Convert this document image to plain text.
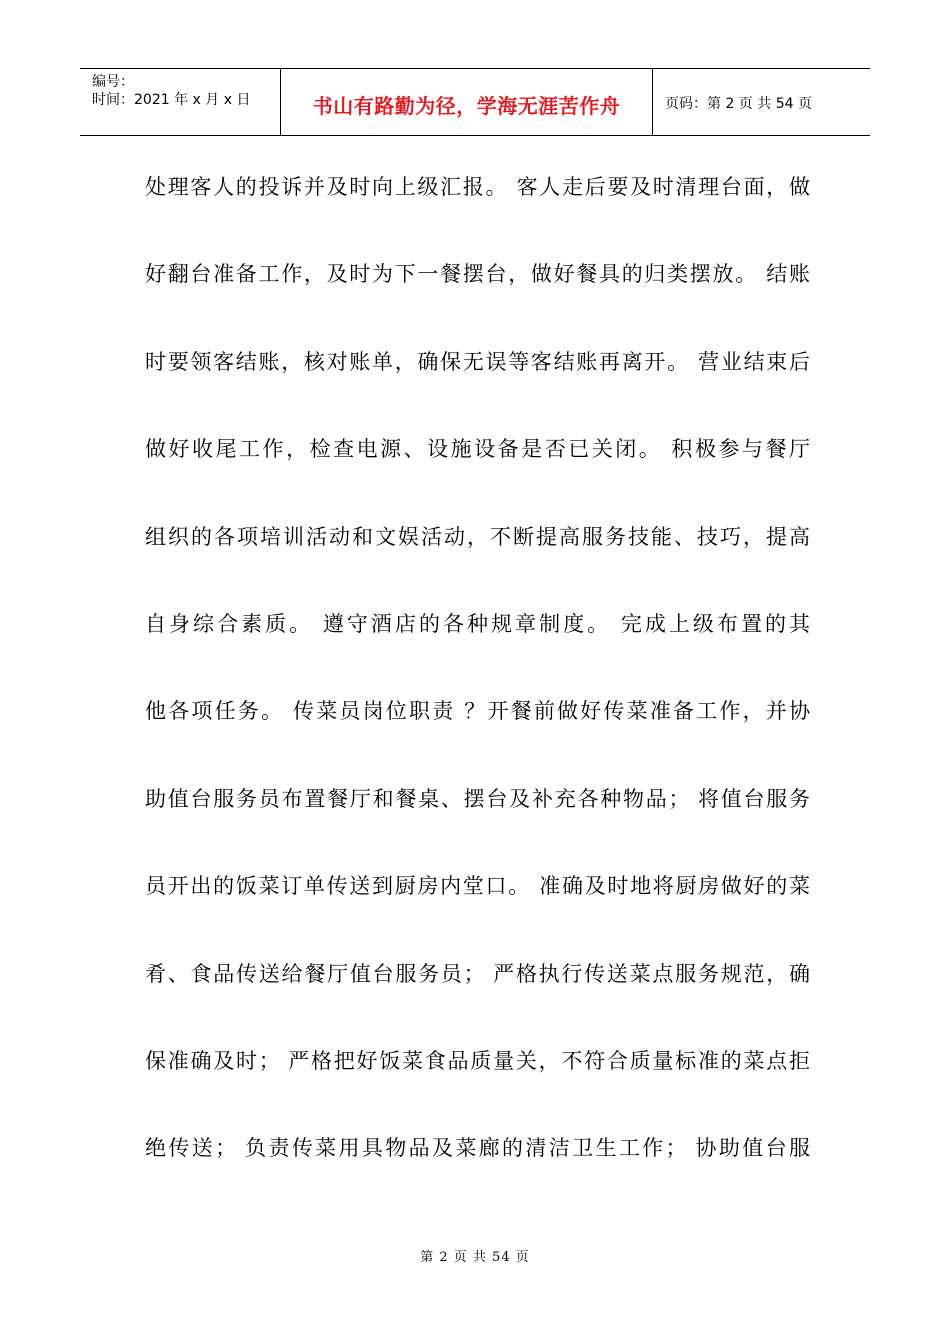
编号：
时间：2021 年 x 月 x 日	书山有路勤为径，学海无涯苦作舟	页码：第 2 页 共 54 页
处理客人的投诉并及时向上级汇报。 客人走后要及时清理台面，做
好翻台准备工作，及时为下一餐摆台，做好餐具的归类摆放。 结账
时要领客结账，核对账单，确保无误等客结账再离开。 营业结束后
做好收尾工作，检查电源、设施设备是否已关闭。 积极参与餐厅
组织的各项培训活动和文娱活动，不断提高服务技能、技巧，提高
自身综合素质。 遵守酒店的各种规章制度。 完成上级布置的其
他各项任务。 传菜员岗位职责 ？开餐前做好传菜准备工作，并协
助值台服务员布置餐厅和餐桌、摆台及补充各种物品； 将值台服务
员开出的饭菜订单传送到厨房内堂口。 准确及时地将厨房做好的菜
肴、食品传送给餐厅值台服务员； 严格执行传送菜点服务规范，确
保准确及时； 严格把好饭菜食品质量关，不符合质量标准的菜点拒
绝传送； 负责传菜用具物品及菜廊的清洁卫生工作； 协助值台服
第 2 页 共 54 页
